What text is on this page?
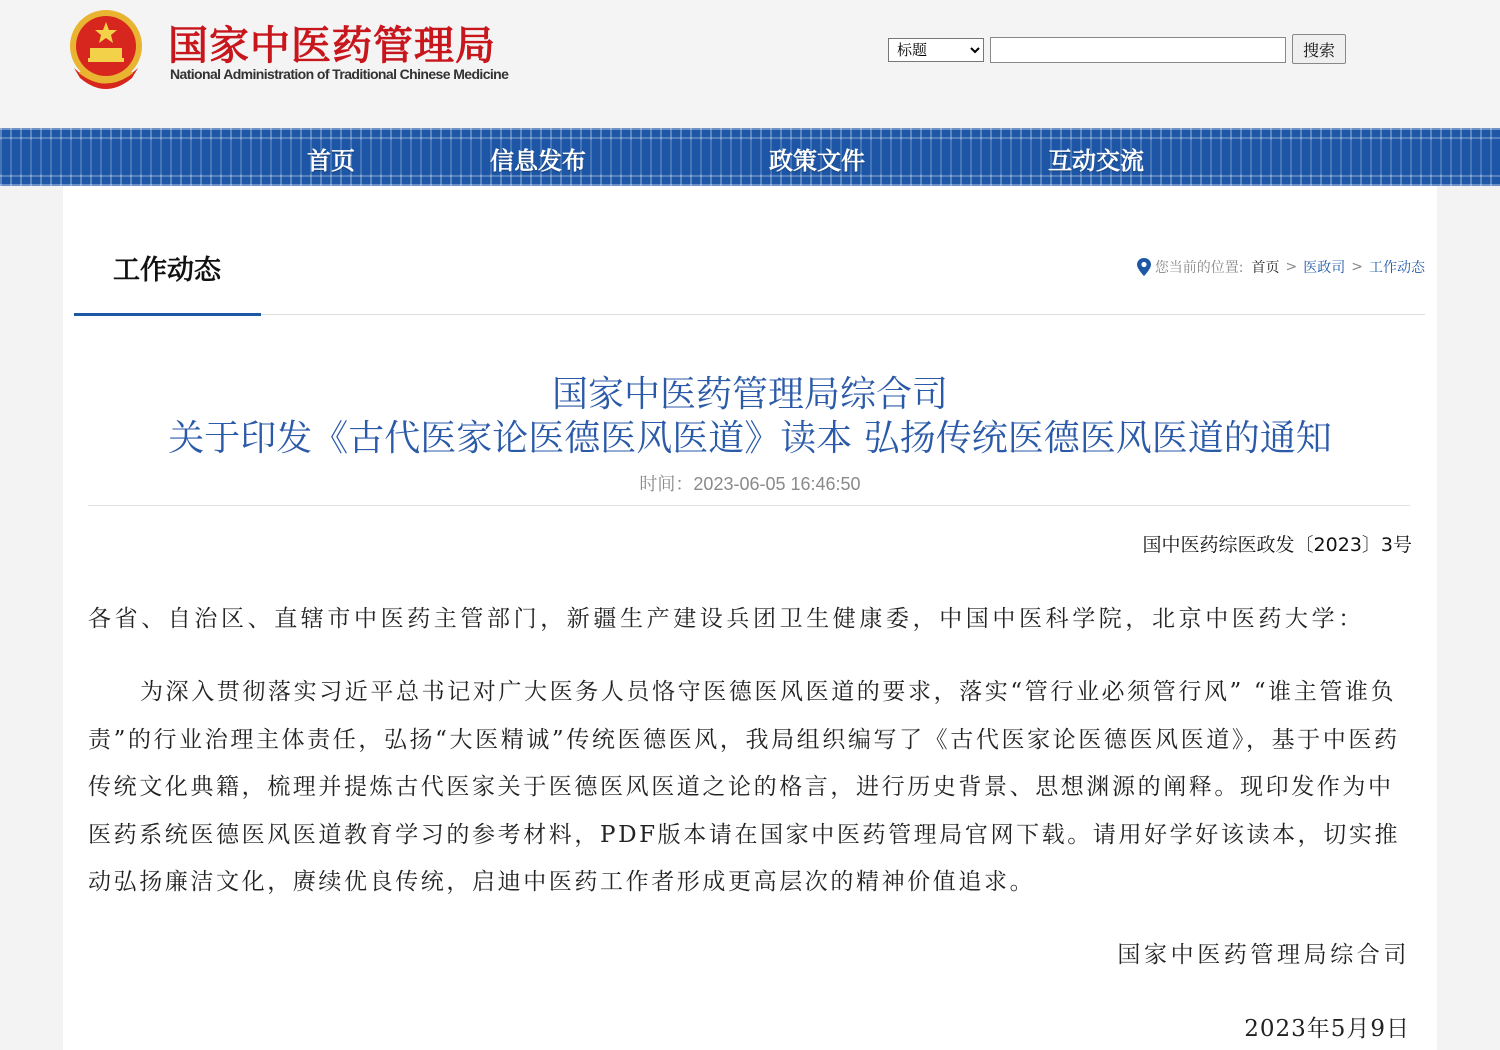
国家中医药管理局
National Administration of Traditional Chinese Medicine
标题
搜索
首页	信息发布	政策文件	互动交流
工作动态	您当前的位置: 首页 > 医政司 > 工作动态
国家中医药管理局综合司
关于印发《古代医家论医德医风医道》读本 弘扬传统医德医风医道的通知
时间：2023-06-05 16:46:50
国中医药综医政发〔2023〕3号
各省、自治区、直辖市中医药主管部门，新疆生产建设兵团卫生健康委，中国中医科学院，北京中医药大学：
为深入贯彻落实习近平总书记对广大医务人员恪守医德医风医道的要求，落实“管行业必须管行风” “谁主管谁负责”的行业治理主体责任，弘扬“大医精诚”传统医德医风，我局组织编写了《古代医家论医德医风医道》，基于中医药传统文化典籍，梳理并提炼古代医家关于医德医风医道之论的格言，进行历史背景、思想渊源的阐释。现印发作为中医药系统医德医风医道教育学习的参考材料，PDF版本请在国家中医药管理局官网下载。请用好学好该读本，切实推动弘扬廉洁文化，赓续优良传统，启迪中医药工作者形成更高层次的精神价值追求。
国家中医药管理局综合司
2023年5月9日
